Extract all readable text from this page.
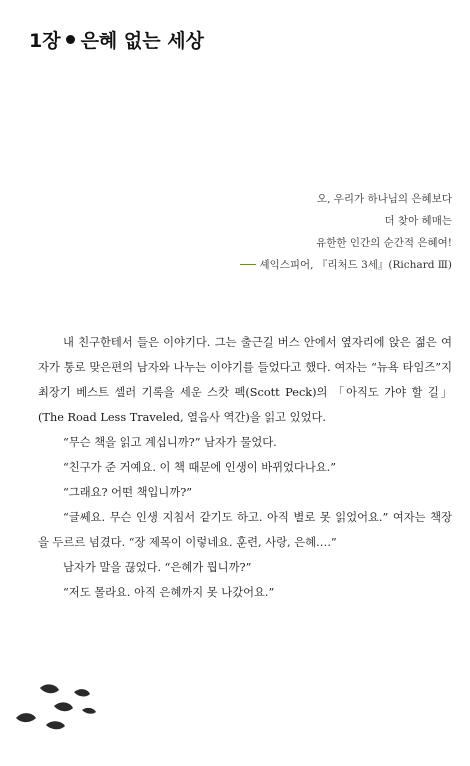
1장 은혜 없는 세상
오, 우리가 하나님의 은혜보다
더 찾아 헤매는
유한한 인간의 순간적 은혜여!
셰익스피어, 『리처드 3세』(Richard Ⅲ)

내 친구한테서 들은 이야기다. 그는 출근길 버스 안에서 옆자리에 앉은 젊은 여자가 통로 맞은편의 남자와 나누는 이야기를 들었다고 했다. 여자는 “뉴욕 타임즈”지 최장기 베스트 셀러 기록을 세운 스캇 펙(Scott Peck)의 「아직도 가야 할 길」(The Road Less Traveled, 열음사 역간)을 읽고 있었다.

“무슨 책을 읽고 계십니까?” 남자가 물었다.

“친구가 준 거예요. 이 책 때문에 인생이 바뀌었다나요.”

“그래요? 어떤 책입니까?”

“글쎄요. 무슨 인생 지침서 같기도 하고. 아직 별로 못 읽었어요.” 여자는 책장을 두르르 넘겼다. “장 제목이 이렇네요. 훈련, 사랑, 은혜….”

남자가 말을 끊었다. “은혜가 뭡니까?”

“저도 몰라요. 아직 은혜까지 못 나갔어요.”
